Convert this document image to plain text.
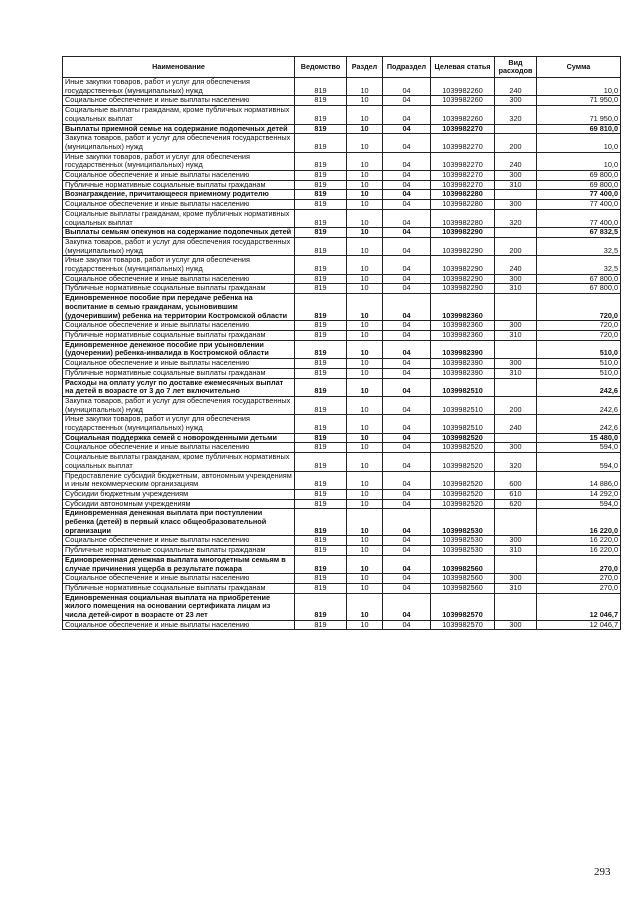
Наименование	Ведомство	Раздел	Подраздел	Целевая статья	Вид расходов	Сумма
Иные закупки товаров, работ и услуг для обеспечения государственных (муниципальных) нужд	819	10	04	1039982260	240	10,0
Социальное обеспечение и иные выплаты населению	819	10	04	1039982260	300	71 950,0
Социальные выплаты гражданам, кроме публичных нормативных социальных выплат	819	10	04	1039982260	320	71 950,0
Выплаты приемной семье на содержание подопечных детей	819	10	04	1039982270		69 810,0
Закупка товаров, работ и услуг для обеспечения государственных (муниципальных) нужд	819	10	04	1039982270	200	10,0
Иные закупки товаров, работ и услуг для обеспечения государственных (муниципальных) нужд	819	10	04	1039982270	240	10,0
Социальное обеспечение и иные выплаты населению	819	10	04	1039982270	300	69 800,0
Публичные нормативные социальные выплаты гражданам	819	10	04	1039982270	310	69 800,0
Вознаграждение, причитающееся приемному родителю	819	10	04	1039982280		77 400,0
Социальное обеспечение и иные выплаты населению	819	10	04	1039982280	300	77 400,0
Социальные выплаты гражданам, кроме публичных нормативных социальных выплат	819	10	04	1039982280	320	77 400,0
Выплаты семьям опекунов на содержание подопечных детей	819	10	04	1039982290		67 832,5
Закупка товаров, работ и услуг для обеспечения государственных (муниципальных) нужд	819	10	04	1039982290	200	32,5
Иные закупки товаров, работ и услуг для обеспечения государственных (муниципальных) нужд	819	10	04	1039982290	240	32,5
Социальное обеспечение и иные выплаты населению	819	10	04	1039982290	300	67 800,0
Публичные нормативные социальные выплаты гражданам	819	10	04	1039982290	310	67 800,0
Единовременное пособие при передаче ребенка на воспитание в семью гражданам, усыновившим (удочерившим) ребенка на территории Костромской области	819	10	04	1039982360		720,0
Социальное обеспечение и иные выплаты населению	819	10	04	1039982360	300	720,0
Публичные нормативные социальные выплаты гражданам	819	10	04	1039982360	310	720,0
Единовременное денежное пособие при усыновлении (удочерении) ребенка-инвалида в Костромской области	819	10	04	1039982390		510,0
Социальное обеспечение и иные выплаты населению	819	10	04	1039982390	300	510,0
Публичные нормативные социальные выплаты гражданам	819	10	04	1039982390	310	510,0
Расходы на оплату услуг по доставке ежемесячных выплат на детей в возрасте от 3 до 7 лет включительно	819	10	04	1039982510		242,6
Закупка товаров, работ и услуг для обеспечения государственных (муниципальных) нужд	819	10	04	1039982510	200	242,6
Иные закупки товаров, работ и услуг для обеспечения государственных (муниципальных) нужд	819	10	04	1039982510	240	242,6
Социальная поддержка семей с новорожденными детьми	819	10	04	1039982520		15 480,0
Социальное обеспечение и иные выплаты населению	819	10	04	1039982520	300	594,0
Социальные выплаты гражданам, кроме публичных нормативных социальных выплат	819	10	04	1039982520	320	594,0
Предоставление субсидий бюджетным, автономным учреждениям и иным некоммерческим организациям	819	10	04	1039982520	600	14 886,0
Субсидии бюджетным учреждениям	819	10	04	1039982520	610	14 292,0
Субсидии автономным учреждениям	819	10	04	1039982520	620	594,0
Единовременная денежная выплата при поступлении ребенка (детей) в первый класс общеобразовательной организации	819	10	04	1039982530		16 220,0
Социальное обеспечение и иные выплаты населению	819	10	04	1039982530	300	16 220,0
Публичные нормативные социальные выплаты гражданам	819	10	04	1039982530	310	16 220,0
Единовременная денежная выплата многодетным семьям в случае причинения ущерба в результате пожара	819	10	04	1039982560		270,0
Социальное обеспечение и иные выплаты населению	819	10	04	1039982560	300	270,0
Публичные нормативные социальные выплаты гражданам	819	10	04	1039982560	310	270,0
Единовременная социальная выплата на приобретение жилого помещения на основании сертификата лицам из числа детей-сирот в возрасте от 23 лет	819	10	04	1039982570		12 046,7
Социальное обеспечение и иные выплаты населению	819	10	04	1039982570	300	12 046,7
293
